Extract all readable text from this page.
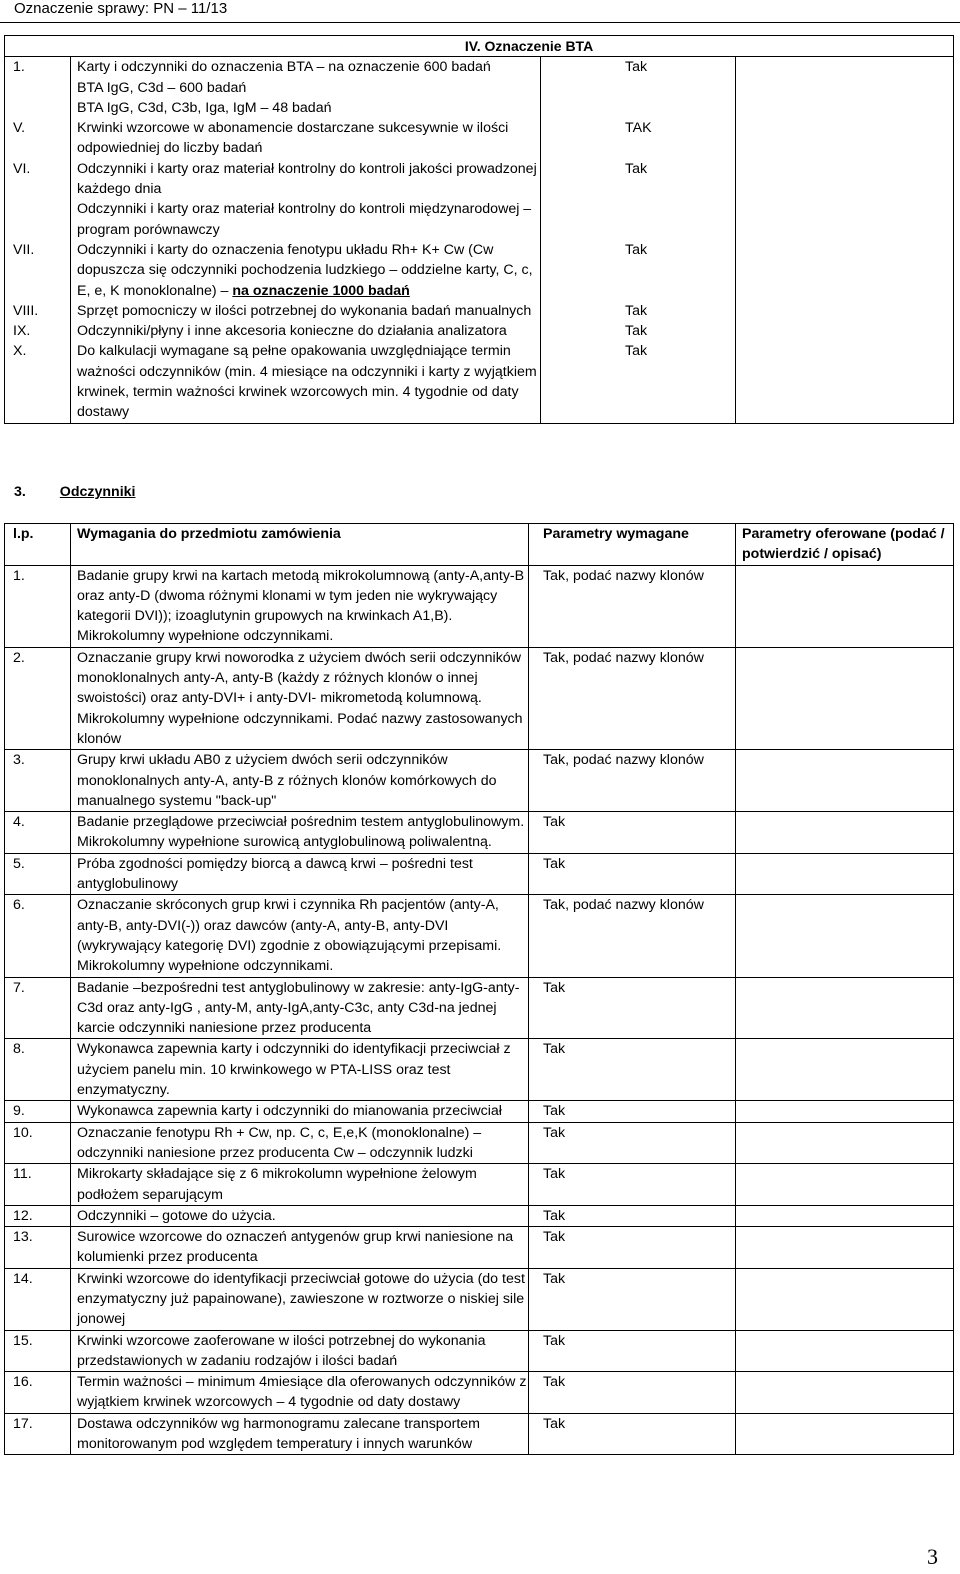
Oznaczenie sprawy: PN – 11/13
IV. Oznaczenie BTA			
1.	Karty i odczynniki do oznaczenia BTA – na oznaczenie 600 badań
BTA IgG, C3d – 600 badań
BTA IgG, C3d, C3b, Iga, IgM – 48 badań	Tak	
V.	Krwinki wzorcowe w abonamencie dostarczane sukcesywnie w ilości odpowiedniej do liczby badań	TAK	
VI.	Odczynniki i karty oraz materiał kontrolny do kontroli jakości prowadzonej każdego dnia
Odczynniki i karty oraz materiał kontrolny do kontroli międzynarodowej – program porównawczy	Tak	
VII.	Odczynniki i karty do oznaczenia fenotypu układu Rh+ K+ Cw (Cw dopuszcza się odczynniki pochodzenia ludzkiego – oddzielne karty, C, c, E, e, K monoklonalne) – na oznaczenie 1000 badań	Tak	
VIII.	Sprzęt pomocniczy w ilości potrzebnej do wykonania badań manualnych	Tak	
IX.	Odczynniki/płyny i inne akcesoria konieczne do działania analizatora	Tak	
X.	Do kalkulacji wymagane są pełne opakowania uwzględniające termin ważności odczynników (min. 4 miesiące na odczynniki i karty z wyjątkiem krwinek, termin ważności krwinek wzorcowych min. 4 tygodnie od daty dostawy	Tak	
3. Odczynniki
l.p.	Wymagania do przedmiotu zamówienia	Parametry wymagane	Parametry oferowane (podać / potwierdzić / opisać)
1.	Badanie grupy krwi na kartach metodą mikrokolumnową (anty-A,anty-B oraz anty-D (dwoma różnymi klonami w tym jeden nie wykrywający kategorii DVI)); izoaglutynin grupowych na krwinkach A1,B). Mikrokolumny wypełnione odczynnikami.	Tak, podać nazwy klonów	
2.	Oznaczanie grupy krwi noworodka z użyciem dwóch serii odczynników monoklonalnych anty-A, anty-B (każdy z różnych klonów o innej swoistości) oraz anty-DVI+ i anty-DVI- mikrometodą kolumnową. Mikrokolumny wypełnione odczynnikami. Podać nazwy zastosowanych klonów	Tak, podać nazwy klonów	
3.	Grupy krwi układu AB0 z użyciem dwóch serii odczynników monoklonalnych anty-A, anty-B z różnych klonów komórkowych do manualnego systemu "back-up"	Tak, podać nazwy klonów	
4.	Badanie przeglądowe przeciwciał pośrednim testem antyglobulinowym. Mikrokolumny wypełnione surowicą antyglobulinową poliwalentną.	Tak	
5.	Próba zgodności pomiędzy biorcą a dawcą krwi – pośredni test antyglobulinowy	Tak	
6.	Oznaczanie skróconych grup krwi i czynnika Rh pacjentów (anty-A, anty-B, anty-DVI(-)) oraz dawców (anty-A, anty-B, anty-DVI (wykrywający kategorię DVI) zgodnie z obowiązującymi przepisami. Mikrokolumny wypełnione odczynnikami.	Tak, podać nazwy klonów	
7.	Badanie –bezpośredni test antyglobulinowy w zakresie: anty-IgG-anty-C3d oraz anty-IgG , anty-M, anty-IgA,anty-C3c, anty C3d-na jednej karcie odczynniki naniesione przez producenta	Tak	
8.	Wykonawca zapewnia karty i odczynniki do identyfikacji przeciwciał z użyciem panelu min. 10 krwinkowego w PTA-LISS oraz test enzymatyczny.	Tak	
9.	Wykonawca zapewnia karty i odczynniki do mianowania przeciwciał	Tak	
10.	Oznaczanie fenotypu Rh + Cw, np. C, c, E,e,K (monoklonalne) – odczynniki naniesione przez producenta Cw – odczynnik ludzki	Tak	
11.	Mikrokarty składające się z 6 mikrokolumn wypełnione żelowym podłożem separującym	Tak	
12.	Odczynniki – gotowe do użycia.	Tak	
13.	Surowice wzorcowe do oznaczeń antygenów grup krwi naniesione na kolumienki przez producenta	Tak	
14.	Krwinki wzorcowe do identyfikacji przeciwciał gotowe do użycia (do test enzymatyczny już papainowane), zawieszone w roztworze o niskiej sile jonowej	Tak	
15.	Krwinki wzorcowe zaoferowane w ilości potrzebnej do wykonania przedstawionych w zadaniu rodzajów i ilości badań	Tak	
16.	Termin ważności – minimum 4miesiące dla oferowanych odczynników z wyjątkiem krwinek wzorcowych – 4 tygodnie od daty dostawy	Tak	
17.	Dostawa odczynników wg harmonogramu zalecane transportem monitorowanym pod względem temperatury i innych warunków	Tak	
3
